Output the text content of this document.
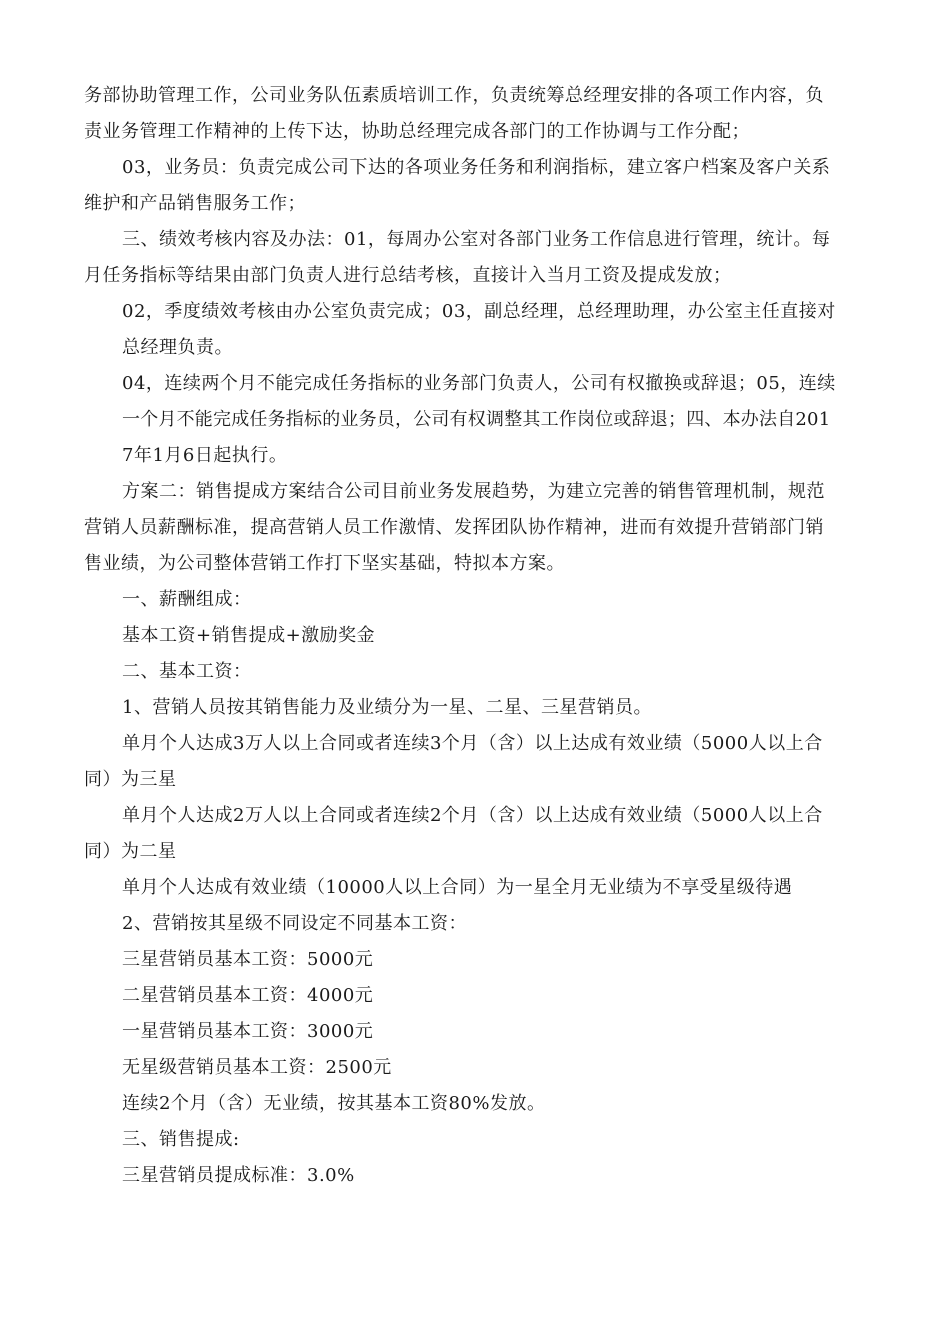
务部协助管理工作，公司业务队伍素质培训工作，负责统筹总经理安排的各项工作内容，负
责业务管理工作精神的上传下达，协助总经理完成各部门的工作协调与工作分配；
03，业务员：负责完成公司下达的各项业务任务和利润指标，建立客户档案及客户关系
维护和产品销售服务工作；
三、绩效考核内容及办法：01，每周办公室对各部门业务工作信息进行管理，统计。每
月任务指标等结果由部门负责人进行总结考核，直接计入当月工资及提成发放；
02，季度绩效考核由办公室负责完成；03，副总经理，总经理助理，办公室主任直接对
总经理负责。
04，连续两个月不能完成任务指标的业务部门负责人，公司有权撤换或辞退；05，连续
一个月不能完成任务指标的业务员，公司有权调整其工作岗位或辞退；四、本办法自201
7年1月6日起执行。
方案二：销售提成方案结合公司目前业务发展趋势，为建立完善的销售管理机制，规范
营销人员薪酬标准，提高营销人员工作激情、发挥团队协作精神，进而有效提升营销部门销
售业绩，为公司整体营销工作打下坚实基础，特拟本方案。
一、薪酬组成：
基本工资+销售提成+激励奖金
二、基本工资：
1、营销人员按其销售能力及业绩分为一星、二星、三星营销员。
单月个人达成3万人以上合同或者连续3个月（含）以上达成有效业绩（5000人以上合
同）为三星
单月个人达成2万人以上合同或者连续2个月（含）以上达成有效业绩（5000人以上合
同）为二星
单月个人达成有效业绩（10000人以上合同）为一星全月无业绩为不享受星级待遇
2、营销按其星级不同设定不同基本工资：
三星营销员基本工资：5000元
二星营销员基本工资：4000元
一星营销员基本工资：3000元
无星级营销员基本工资：2500元
连续2个月（含）无业绩，按其基本工资80%发放。
三、销售提成:
三星营销员提成标准：3.0%
